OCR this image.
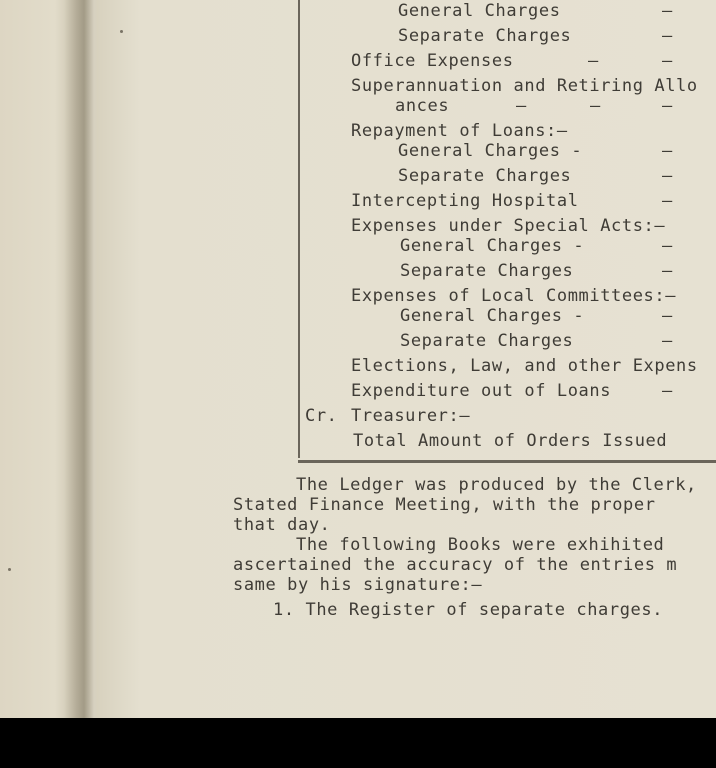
General Charges	–
Separate Charges	–
Office Expenses	–	–
Superannuation and Retiring Allo
ances	–	–	–
Repayment of Loans:—
General Charges -	–
Separate Charges	–
Intercepting Hospital	–
Expenses under Special Acts:—
General Charges -	–
Separate Charges	–
Expenses of Local Committees:—
General Charges -	–
Separate Charges	–
Elections, Law, and other Expens
Expenditure out of Loans	–
Cr. Treasurer:—
Total Amount of Orders Issued
The Ledger was produced by the Clerk,
Stated Finance Meeting, with the proper
that day.
The following Books were exhihited
ascertained the accuracy of the entries m
same by his signature:—
1. The Register of separate charges.
